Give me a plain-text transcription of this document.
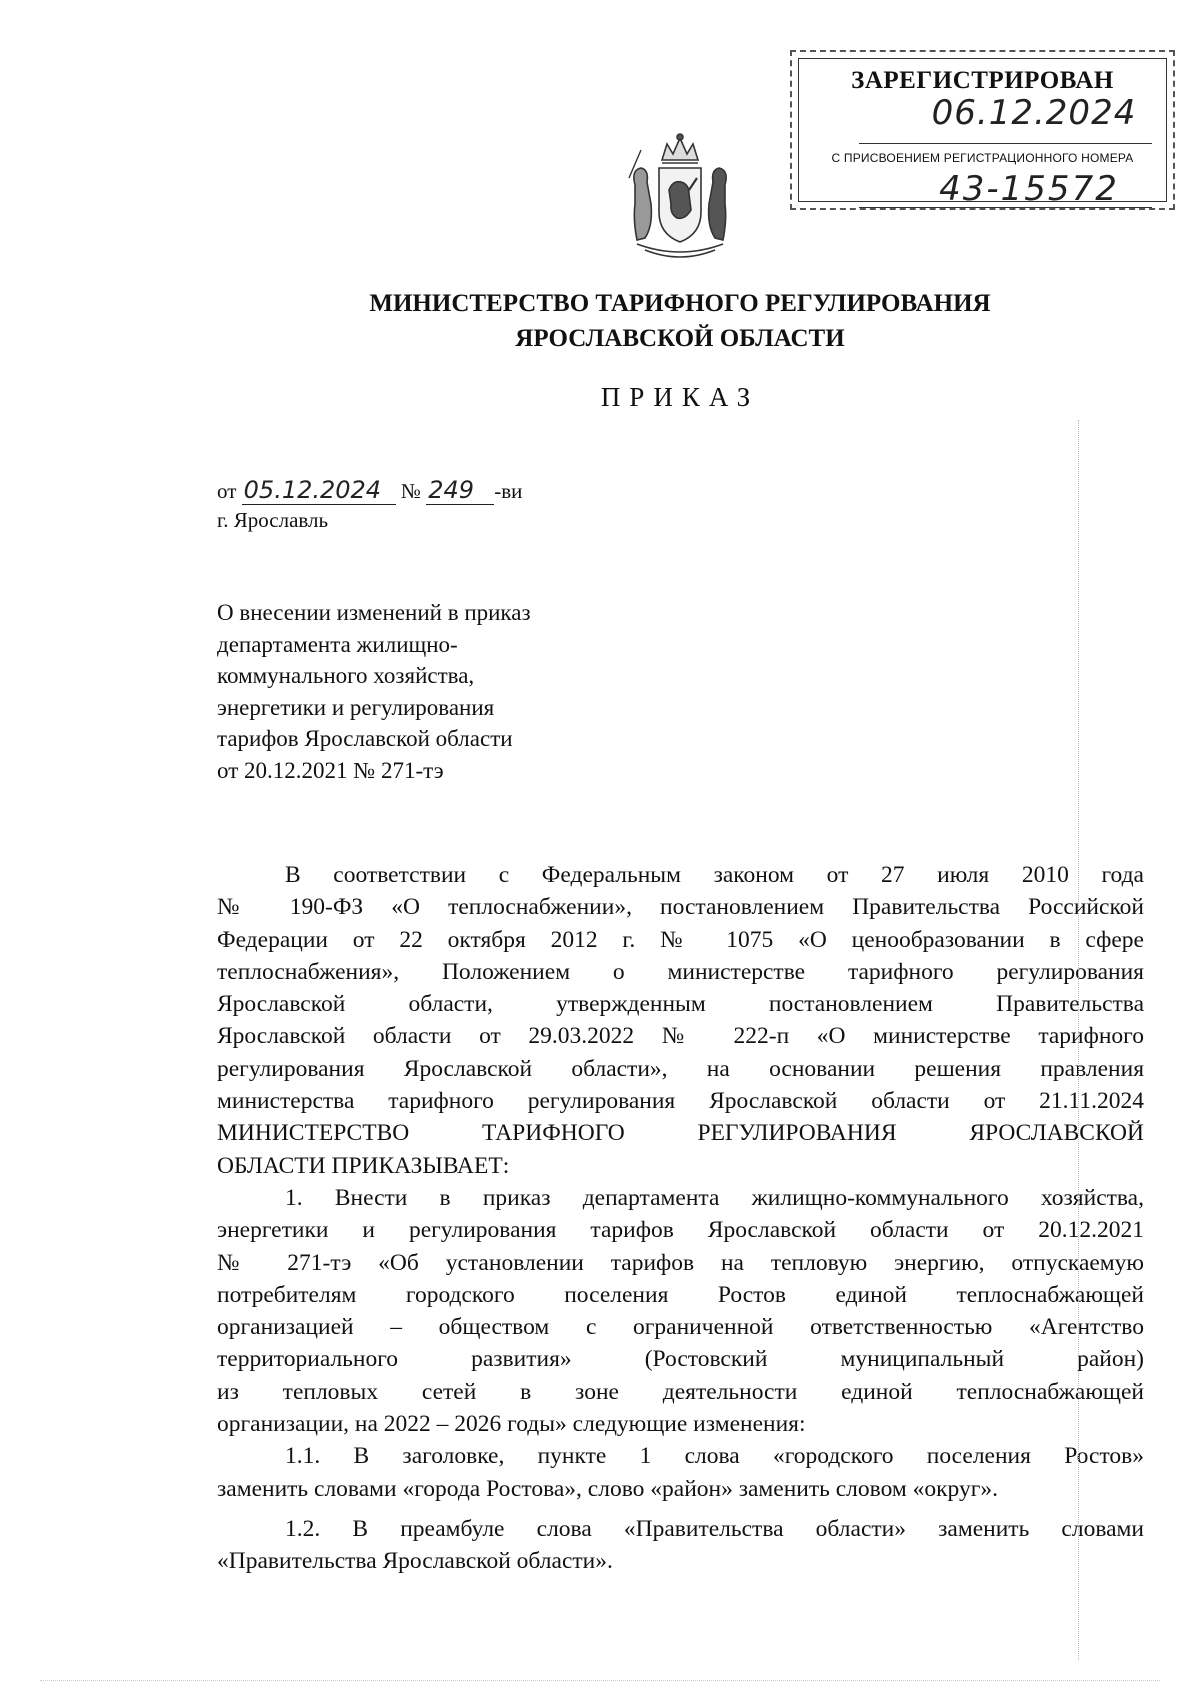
ЗАРЕГИСТРИРОВАН
06.12.2024
С ПРИСВОЕНИЕМ РЕГИСТРАЦИОННОГО НОМЕРА
43-15572
МИНИСТЕРСТВО ТАРИФНОГО РЕГУЛИРОВАНИЯ
ЯРОСЛАВСКОЙ ОБЛАСТИ
ПРИКАЗ
от 05.12.2024 № 249 -ви
г. Ярославль
О внесении изменений в приказ
департамента жилищно-
коммунального хозяйства,
энергетики и регулирования
тарифов Ярославской области
от 20.12.2021 № 271-тэ

В соответствии с Федеральным законом от 27 июля 2010 года

№ 190-ФЗ «О теплоснабжении», постановлением Правительства Российской

Федерации от 22 октября 2012 г. № 1075 «О ценообразовании в сфере

теплоснабжения», Положением о министерстве тарифного регулирования

Ярославской области, утвержденным постановлением Правительства

Ярославской области от 29.03.2022 № 222-п «О министерстве тарифного

регулирования Ярославской области», на основании решения правления

министерства тарифного регулирования Ярославской области от 21.11.2024

МИНИСТЕРСТВО ТАРИФНОГО РЕГУЛИРОВАНИЯ ЯРОСЛАВСКОЙ

ОБЛАСТИ ПРИКАЗЫВАЕТ:

1. Внести в приказ департамента жилищно-коммунального хозяйства,

энергетики и регулирования тарифов Ярославской области от 20.12.2021

№ 271-тэ «Об установлении тарифов на тепловую энергию, отпускаемую

потребителям городского поселения Ростов единой теплоснабжающей

организацией – обществом с ограниченной ответственностью «Агентство

территориального развития» (Ростовский муниципальный район)

из тепловых сетей в зоне деятельности единой теплоснабжающей

организации, на 2022 – 2026 годы» следующие изменения:

1.1. В заголовке, пункте 1 слова «городского поселения Ростов»

заменить словами «города Ростова», слово «район» заменить словом «округ».

1.2. В преамбуле слова «Правительства области» заменить словами

«Правительства Ярославской области».
